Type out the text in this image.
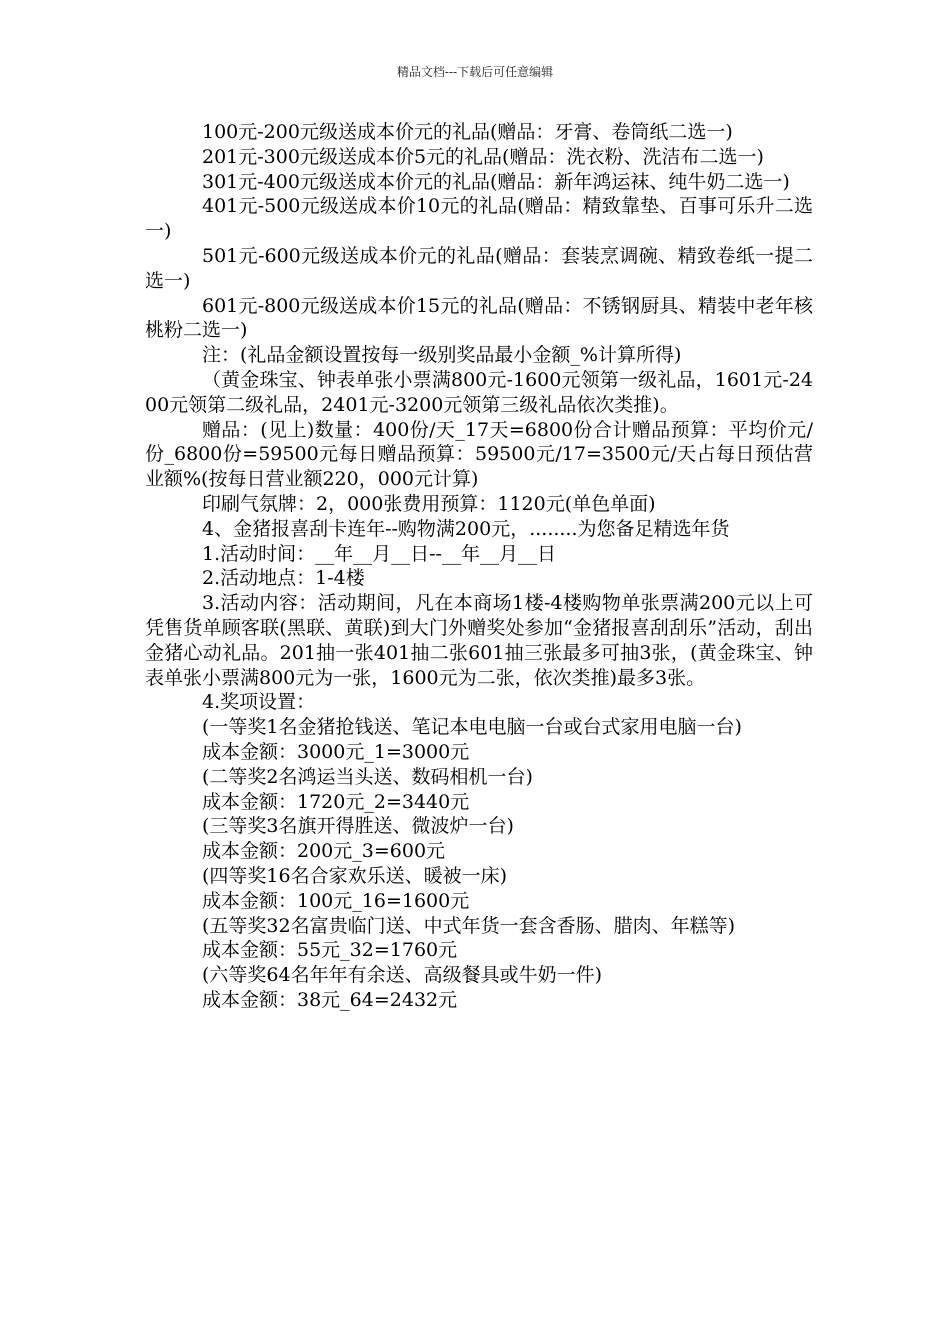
精品文档---下载后可任意编辑

100元-200元级送成本价元的礼品(赠品：牙膏、卷筒纸二选一)

201元-300元级送成本价5元的礼品(赠品：洗衣粉、洗洁布二选一)

301元-400元级送成本价元的礼品(赠品：新年鸿运袜、纯牛奶二选一)

401元-500元级送成本价10元的礼品(赠品：精致靠垫、百事可乐升二选一)

501元-600元级送成本价元的礼品(赠品：套装烹调碗、精致卷纸一提二选一)

601元-800元级送成本价15元的礼品(赠品：不锈钢厨具、精装中老年核桃粉二选一)

注：(礼品金额设置按每一级别奖品最小金额_%计算所得)

（黄金珠宝、钟表单张小票满800元-1600元领第一级礼品，1601元-2400元领第二级礼品，2401元-3200元领第三级礼品依次类推)。

赠品：(见上)数量：400份/天_17天=6800份合计赠品预算：平均价元/份_6800份=59500元每日赠品预算：59500元/17=3500元/天占每日预估营业额%(按每日营业额220，000元计算)

印刷气氛牌：2，000张费用预算：1120元(单色单面)

4、金猪报喜刮卡连年--购物满200元，........为您备足精选年货

1.活动时间：__年__月__日--__年__月__日

2.活动地点：1-4楼

3.活动内容：活动期间，凡在本商场1楼-4楼购物单张票满200元以上可凭售货单顾客联(黑联、黄联)到大门外赠奖处参加“金猪报喜刮刮乐”活动，刮出金猪心动礼品。201抽一张401抽二张601抽三张最多可抽3张，(黄金珠宝、钟表单张小票满800元为一张，1600元为二张，依次类推)最多3张。

4.奖项设置：

(一等奖1名金猪抢钱送、笔记本电电脑一台或台式家用电脑一台)

成本金额：3000元_1=3000元

(二等奖2名鸿运当头送、数码相机一台)

成本金额：1720元_2=3440元

(三等奖3名旗开得胜送、微波炉一台)

成本金额：200元_3=600元

(四等奖16名合家欢乐送、暖被一床)

成本金额：100元_16=1600元

(五等奖32名富贵临门送、中式年货一套含香肠、腊肉、年糕等)

成本金额：55元_32=1760元

(六等奖64名年年有余送、高级餐具或牛奶一件)

成本金额：38元_64=2432元
